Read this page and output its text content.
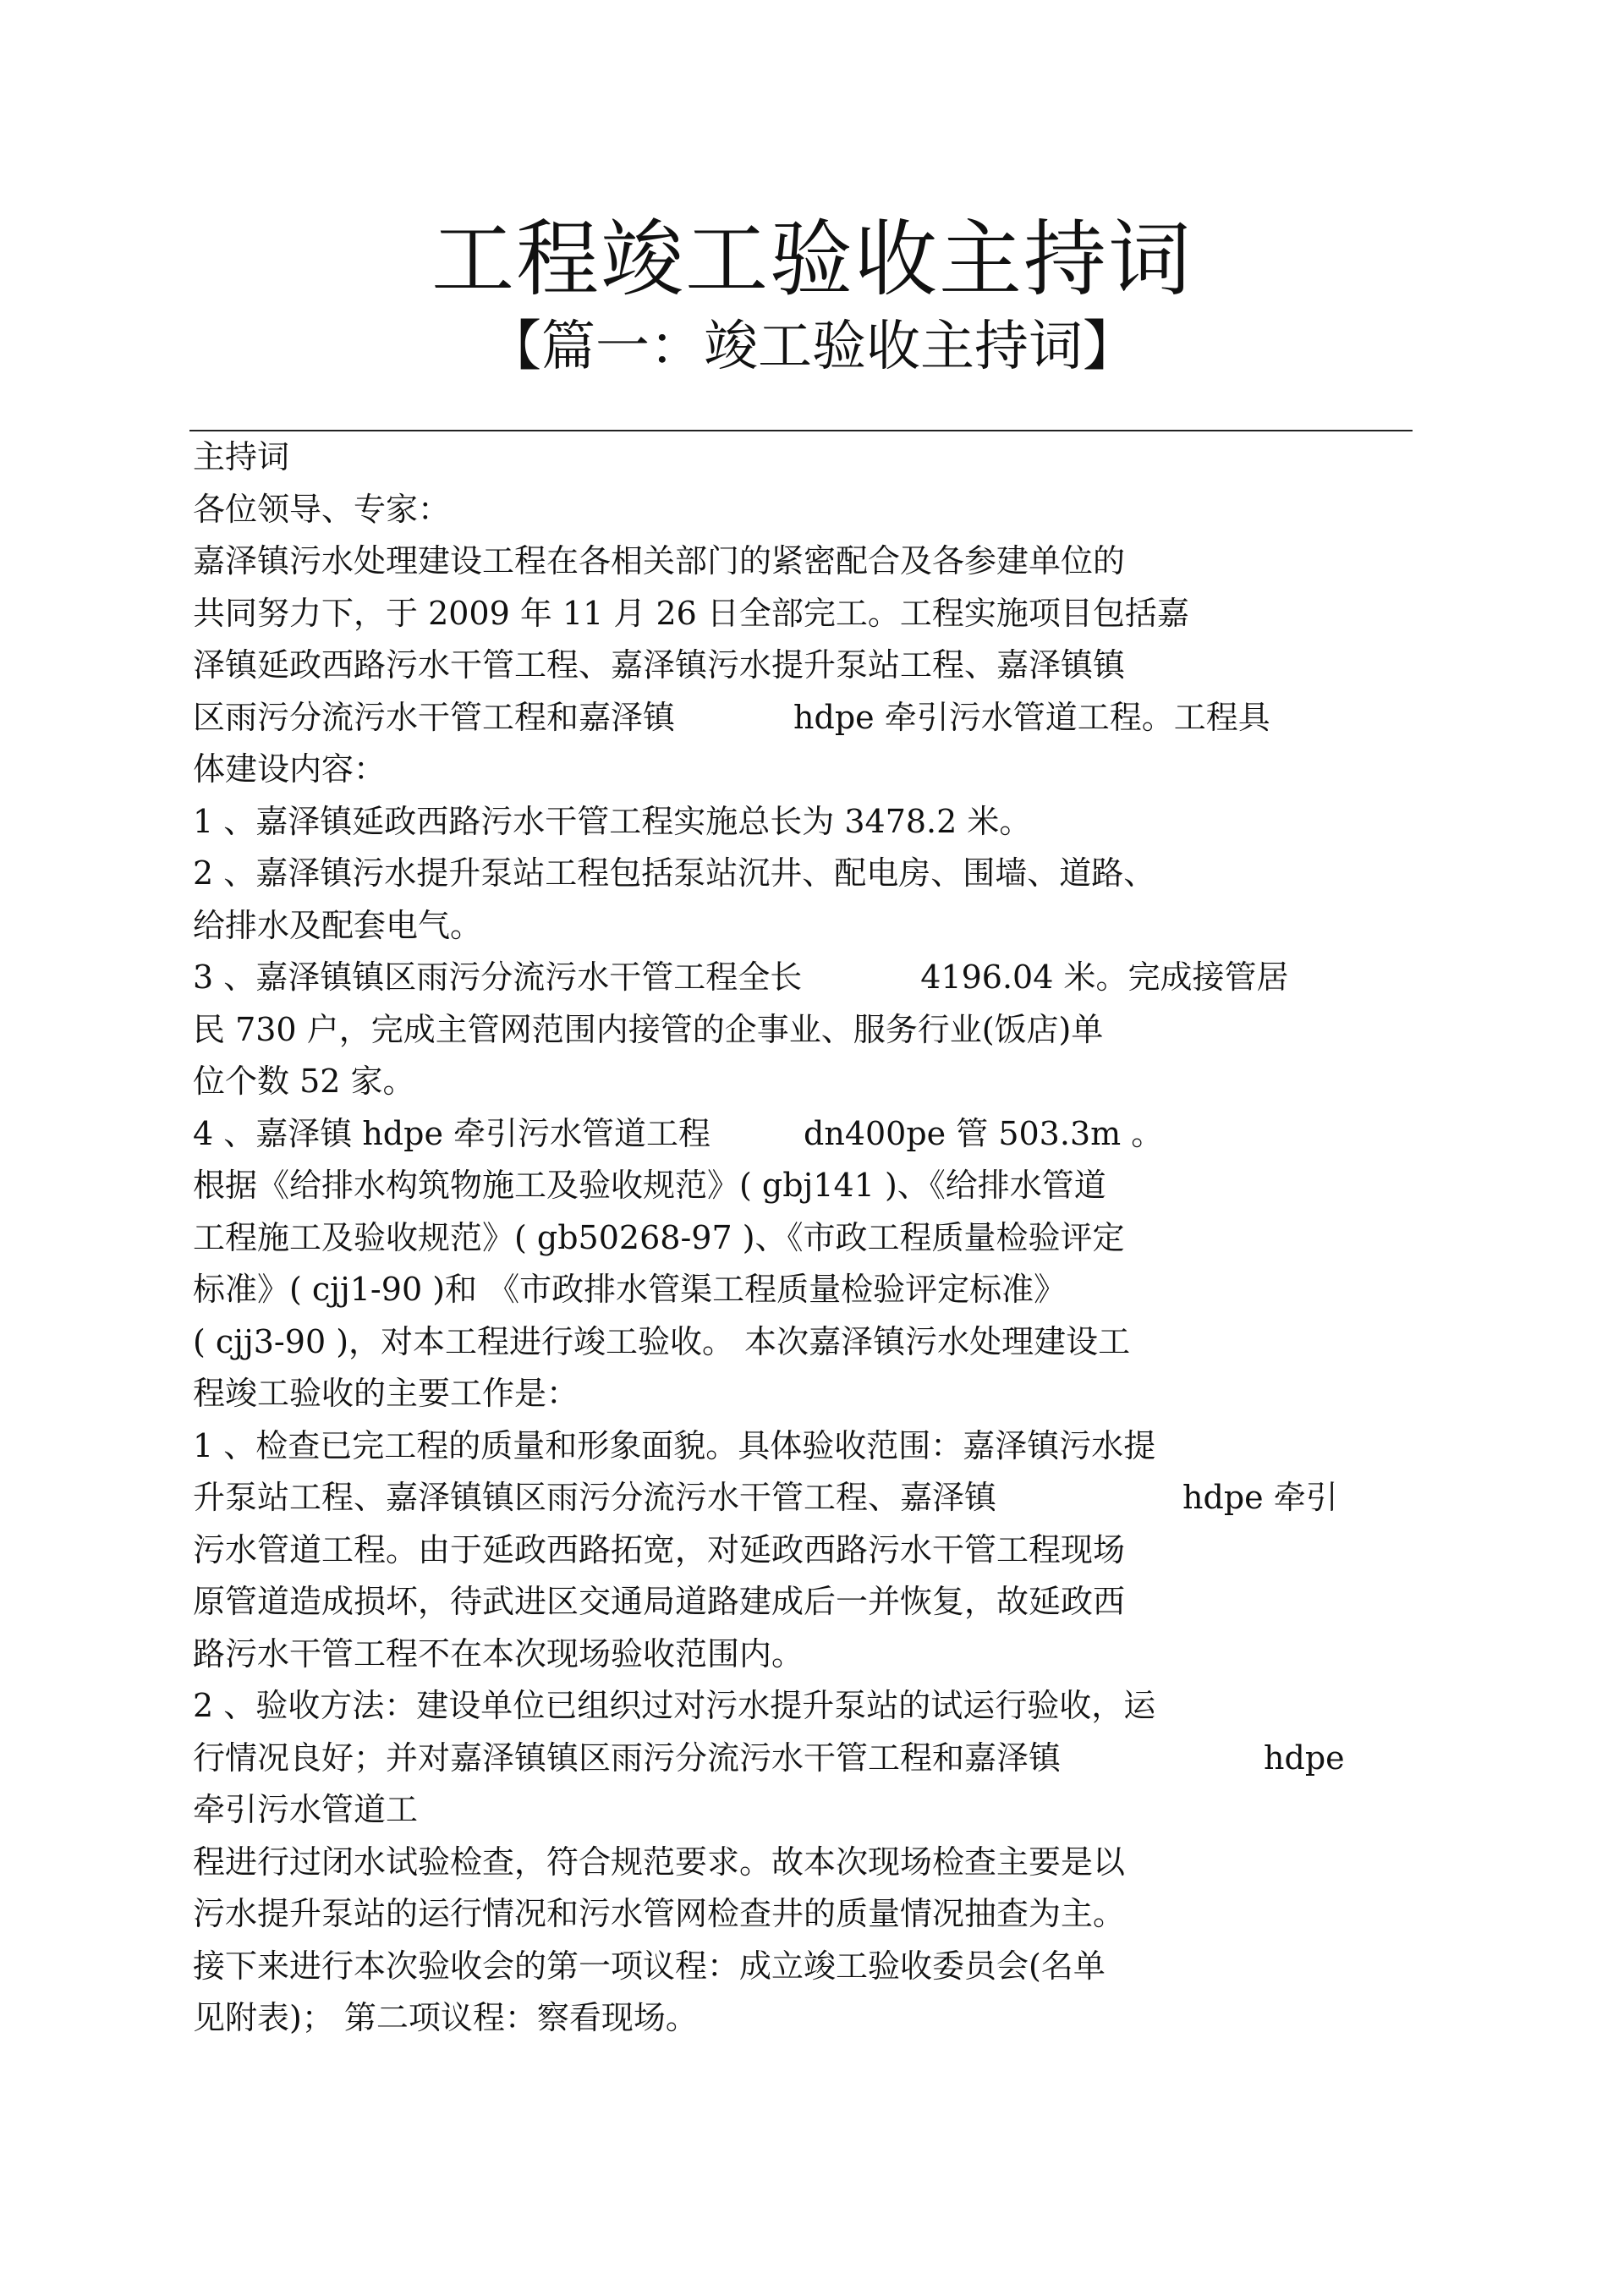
工程竣工验收主持词
【篇一：竣工验收主持词】
主持词
各位领导、专家：
嘉泽镇污水处理建设工程在各相关部门的紧密配合及各参建单位的
共同努力下，于 2009 年 11 月 26 日全部完工。工程实施项目包括嘉
泽镇延政西路污水干管工程、嘉泽镇污水提升泵站工程、嘉泽镇镇
区雨污分流污水干管工程和嘉泽镇	hdpe 牵引污水管道工程。工程具
体建设内容：
1 、嘉泽镇延政西路污水干管工程实施总长为 3478.2 米。
2 、嘉泽镇污水提升泵站工程包括泵站沉井、配电房、围墙、道路、
给排水及配套电气。
3 、嘉泽镇镇区雨污分流污水干管工程全长	4196.04 米。完成接管居
民 730 户，完成主管网范围内接管的企事业、服务行业(饭店)单
位个数 52 家。
4 、嘉泽镇 hdpe 牵引污水管道工程	dn400pe 管 503.3m 。
根据《给排水构筑物施工及验收规范》( gbj141 )、《给排水管道
工程施工及验收规范》( gb50268-97 )、《市政工程质量检验评定
标准》( cjj1-90 )和 《市政排水管渠工程质量检验评定标准》
( cjj3-90 )，对本工程进行竣工验收。 本次嘉泽镇污水处理建设工
程竣工验收的主要工作是：
1 、检查已完工程的质量和形象面貌。具体验收范围：嘉泽镇污水提
升泵站工程、嘉泽镇镇区雨污分流污水干管工程、嘉泽镇	hdpe 牵引
污水管道工程。由于延政西路拓宽，对延政西路污水干管工程现场
原管道造成损坏，待武进区交通局道路建成后一并恢复，故延政西
路污水干管工程不在本次现场验收范围内。
2 、验收方法：建设单位已组织过对污水提升泵站的试运行验收，运
行情况良好；并对嘉泽镇镇区雨污分流污水干管工程和嘉泽镇	hdpe
牵引污水管道工
程进行过闭水试验检查，符合规范要求。故本次现场检查主要是以
污水提升泵站的运行情况和污水管网检查井的质量情况抽查为主。
接下来进行本次验收会的第一项议程：成立竣工验收委员会(名单
见附表)； 第二项议程：察看现场。
